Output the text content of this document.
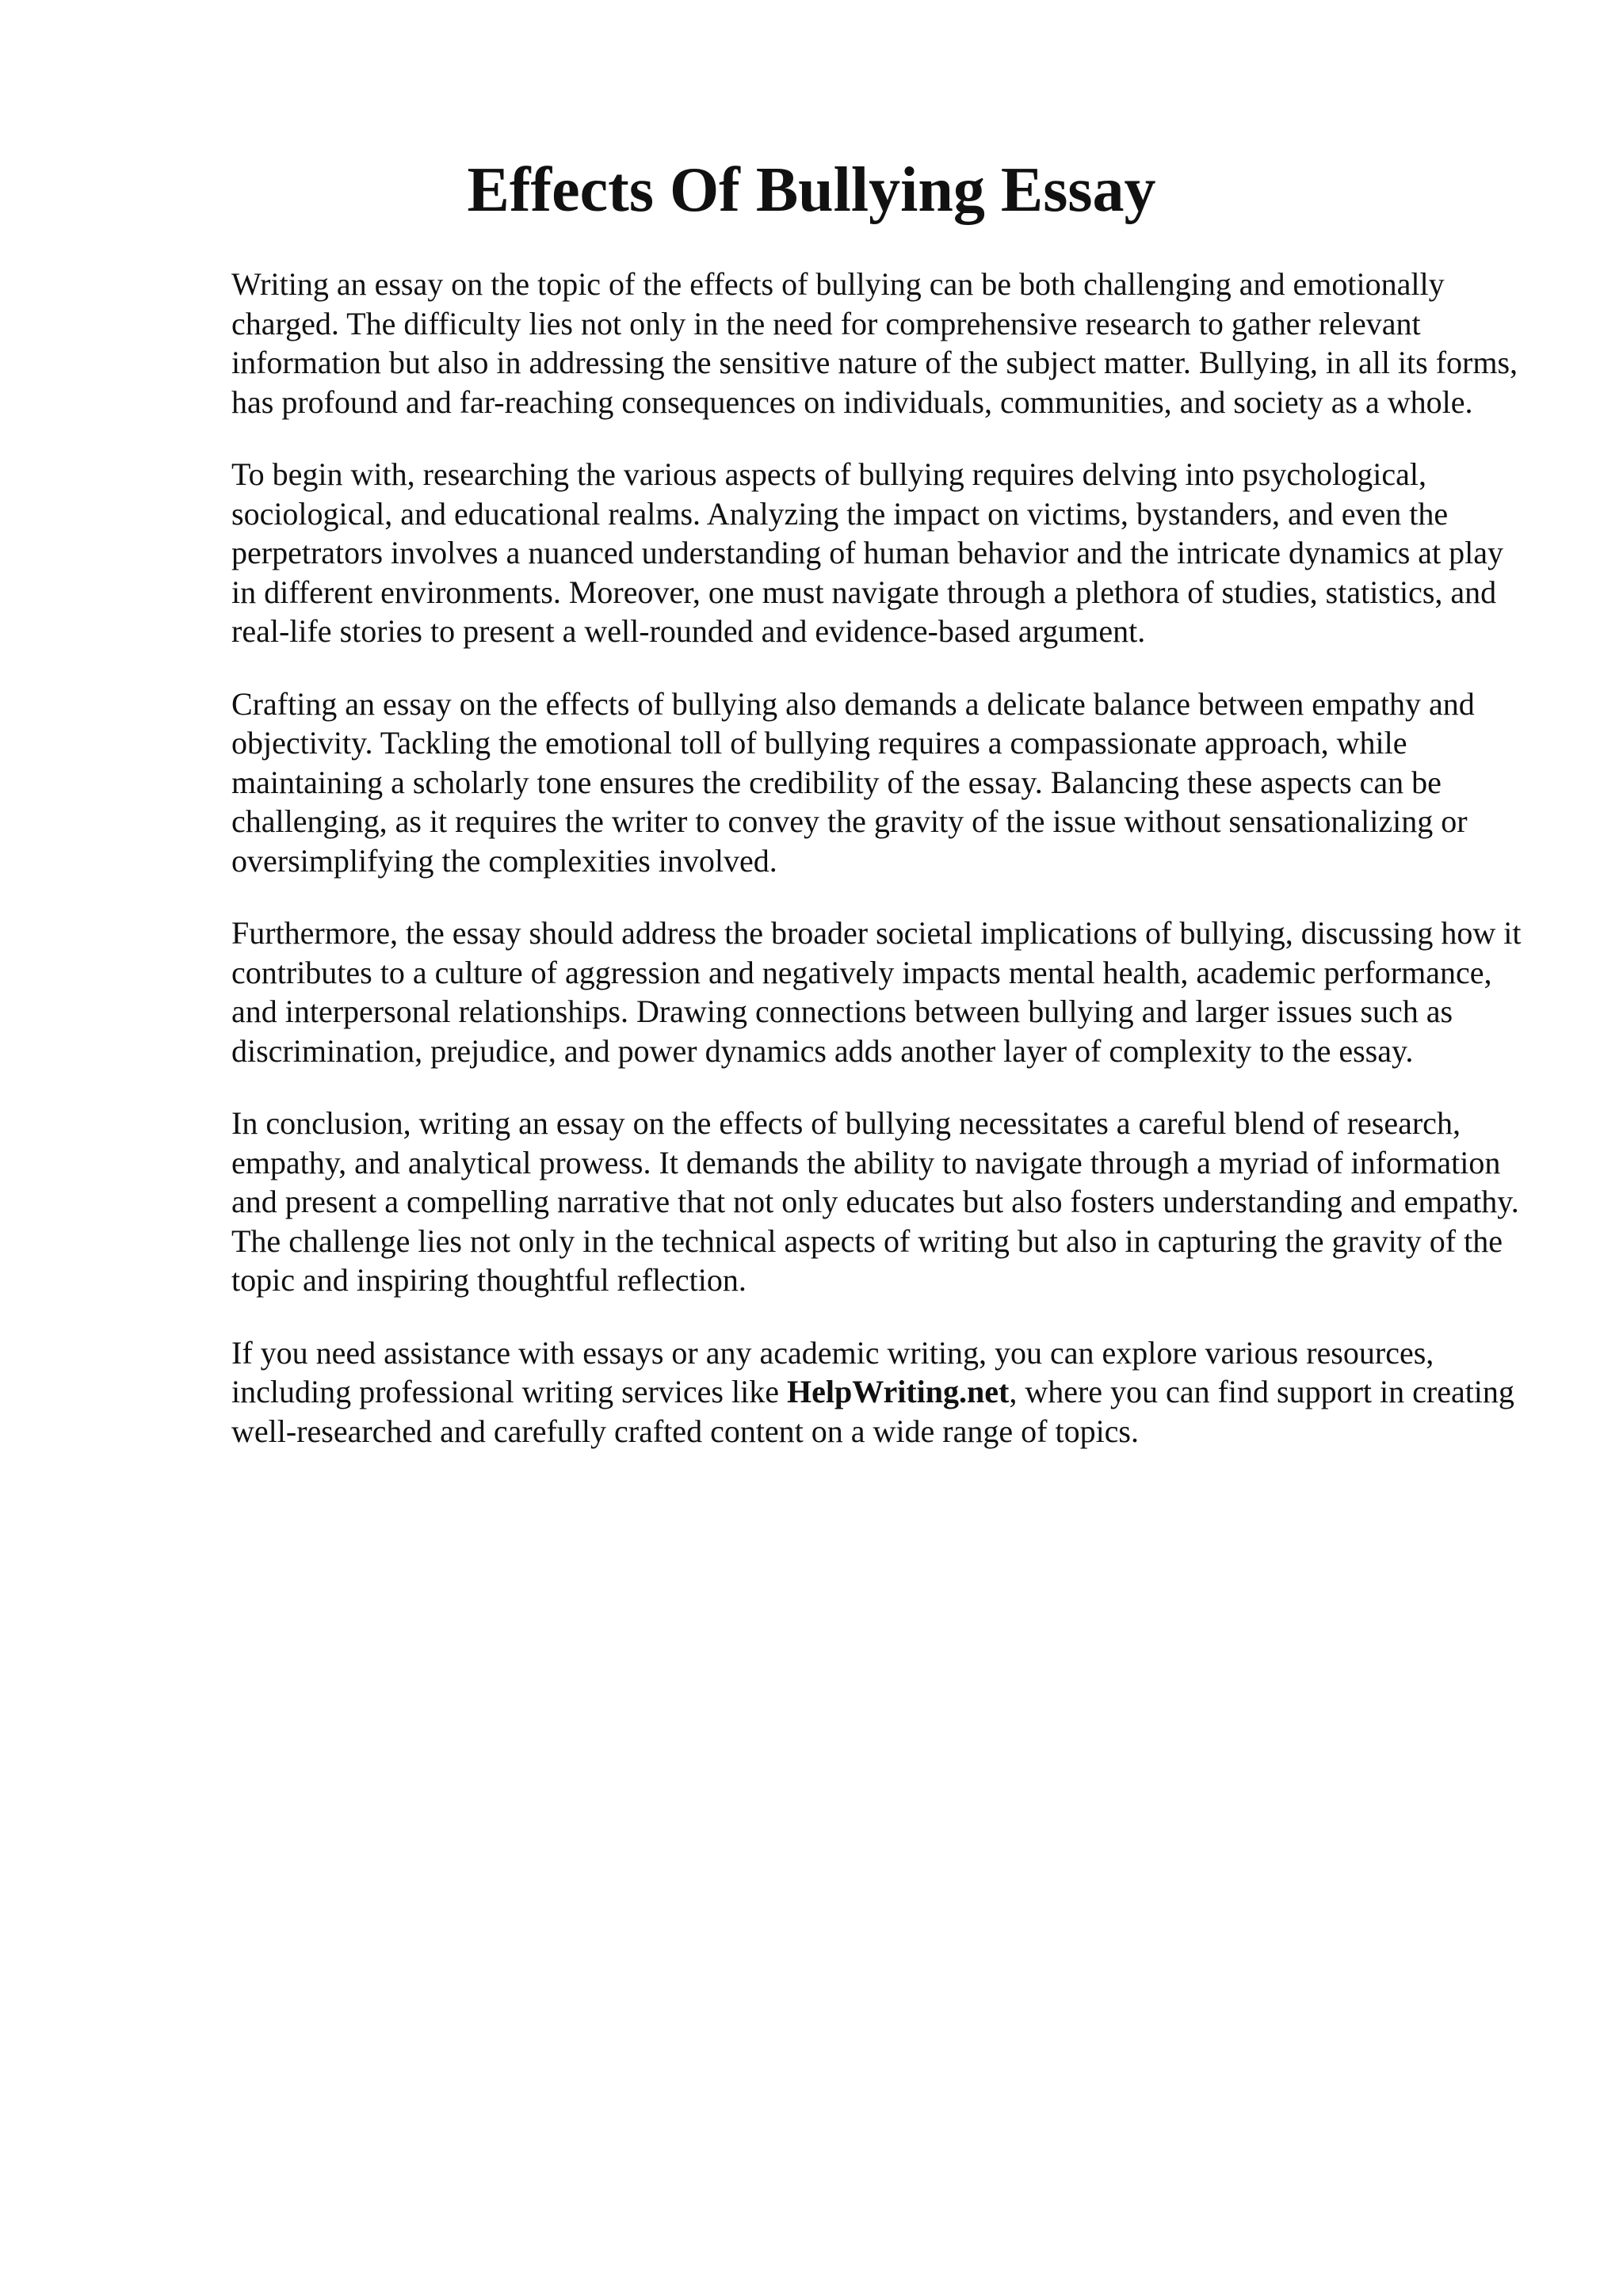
Effects Of Bullying Essay

Writing an essay on the topic of the effects of bullying can be both challenging and emotionally charged. The difficulty lies not only in the need for comprehensive research to gather relevant information but also in addressing the sensitive nature of the subject matter. Bullying, in all its forms, has profound and far-reaching consequences on individuals, communities, and society as a whole.

To begin with, researching the various aspects of bullying requires delving into psychological, sociological, and educational realms. Analyzing the impact on victims, bystanders, and even the perpetrators involves a nuanced understanding of human behavior and the intricate dynamics at play in different environments. Moreover, one must navigate through a plethora of studies, statistics, and real-life stories to present a well-rounded and evidence-based argument.

Crafting an essay on the effects of bullying also demands a delicate balance between empathy and objectivity. Tackling the emotional toll of bullying requires a compassionate approach, while maintaining a scholarly tone ensures the credibility of the essay. Balancing these aspects can be challenging, as it requires the writer to convey the gravity of the issue without sensationalizing or oversimplifying the complexities involved.

Furthermore, the essay should address the broader societal implications of bullying, discussing how it contributes to a culture of aggression and negatively impacts mental health, academic performance, and interpersonal relationships. Drawing connections between bullying and larger issues such as discrimination, prejudice, and power dynamics adds another layer of complexity to the essay.

In conclusion, writing an essay on the effects of bullying necessitates a careful blend of research, empathy, and analytical prowess. It demands the ability to navigate through a myriad of information and present a compelling narrative that not only educates but also fosters understanding and empathy. The challenge lies not only in the technical aspects of writing but also in capturing the gravity of the topic and inspiring thoughtful reflection.

If you need assistance with essays or any academic writing, you can explore various resources, including professional writing services like HelpWriting.net, where you can find support in creating well-researched and carefully crafted content on a wide range of topics.
